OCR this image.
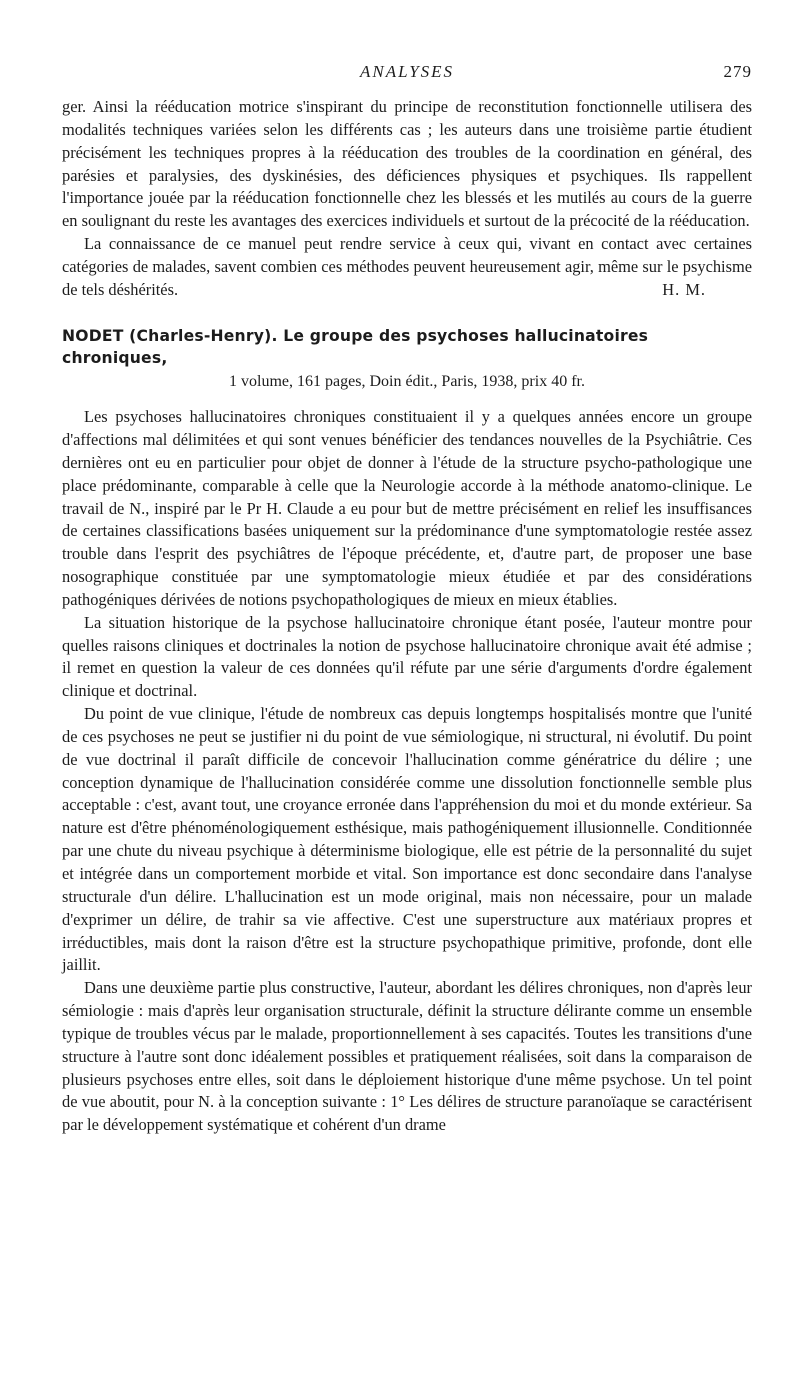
ANALYSES	279

ger. Ainsi la rééducation motrice s'inspirant du principe de reconstitution fonctionnelle utilisera des modalités techniques variées selon les différents cas ; les auteurs dans une troisième partie étudient précisément les techniques propres à la rééducation des troubles de la coordination en général, des parésies et paralysies, des dyskinésies, des déficiences physiques et psychiques. Ils rappellent l'importance jouée par la rééducation fonctionnelle chez les blessés et les mutilés au cours de la guerre en soulignant du reste les avantages des exercices individuels et surtout de la précocité de la rééducation.

La connaissance de ce manuel peut rendre service à ceux qui, vivant en contact avec certaines catégories de malades, savent combien ces méthodes peuvent heureusement agir, même sur le psychisme de tels déshérités.	H. M.

NODET (Charles-Henry). Le groupe des psychoses hallucinatoires chroniques,
1 volume, 161 pages, Doin édit., Paris, 1938, prix 40 fr.

Les psychoses hallucinatoires chroniques constituaient il y a quelques années encore un groupe d'affections mal délimitées et qui sont venues bénéficier des tendances nouvelles de la Psychiâtrie. Ces dernières ont eu en particulier pour objet de donner à l'étude de la structure psycho-pathologique une place prédominante, comparable à celle que la Neurologie accorde à la méthode anatomo-clinique. Le travail de N., inspiré par le Pr H. Claude a eu pour but de mettre précisément en relief les insuffisances de certaines classifications basées uniquement sur la prédominance d'une symptomatologie restée assez trouble dans l'esprit des psychiâtres de l'époque précédente, et, d'autre part, de proposer une base nosographique constituée par une symptomatologie mieux étudiée et par des considérations pathogéniques dérivées de notions psychopathologiques de mieux en mieux établies.

La situation historique de la psychose hallucinatoire chronique étant posée, l'auteur montre pour quelles raisons cliniques et doctrinales la notion de psychose hallucinatoire chronique avait été admise ; il remet en question la valeur de ces données qu'il réfute par une série d'arguments d'ordre également clinique et doctrinal.

Du point de vue clinique, l'étude de nombreux cas depuis longtemps hospitalisés montre que l'unité de ces psychoses ne peut se justifier ni du point de vue sémiologique, ni structural, ni évolutif. Du point de vue doctrinal il paraît difficile de concevoir l'hallucination comme génératrice du délire ; une conception dynamique de l'hallucination considérée comme une dissolution fonctionnelle semble plus acceptable : c'est, avant tout, une croyance erronée dans l'appréhension du moi et du monde extérieur. Sa nature est d'être phénoménologiquement esthésique, mais pathogéniquement illusionnelle. Conditionnée par une chute du niveau psychique à déterminisme biologique, elle est pétrie de la personnalité du sujet et intégrée dans un comportement morbide et vital. Son importance est donc secondaire dans l'analyse structurale d'un délire. L'hallucination est un mode original, mais non nécessaire, pour un malade d'exprimer un délire, de trahir sa vie affective. C'est une superstructure aux matériaux propres et irréductibles, mais dont la raison d'être est la structure psychopathique primitive, profonde, dont elle jaillit.

Dans une deuxième partie plus constructive, l'auteur, abordant les délires chroniques, non d'après leur sémiologie : mais d'après leur organisation structurale, définit la structure délirante comme un ensemble typique de troubles vécus par le malade, proportionnellement à ses capacités. Toutes les transitions d'une structure à l'autre sont donc idéalement possibles et pratiquement réalisées, soit dans la comparaison de plusieurs psychoses entre elles, soit dans le déploiement historique d'une même psychose. Un tel point de vue aboutit, pour N. à la conception suivante : 1° Les délires de structure paranoïaque se caractérisent par le développement systématique et cohérent d'un drame
